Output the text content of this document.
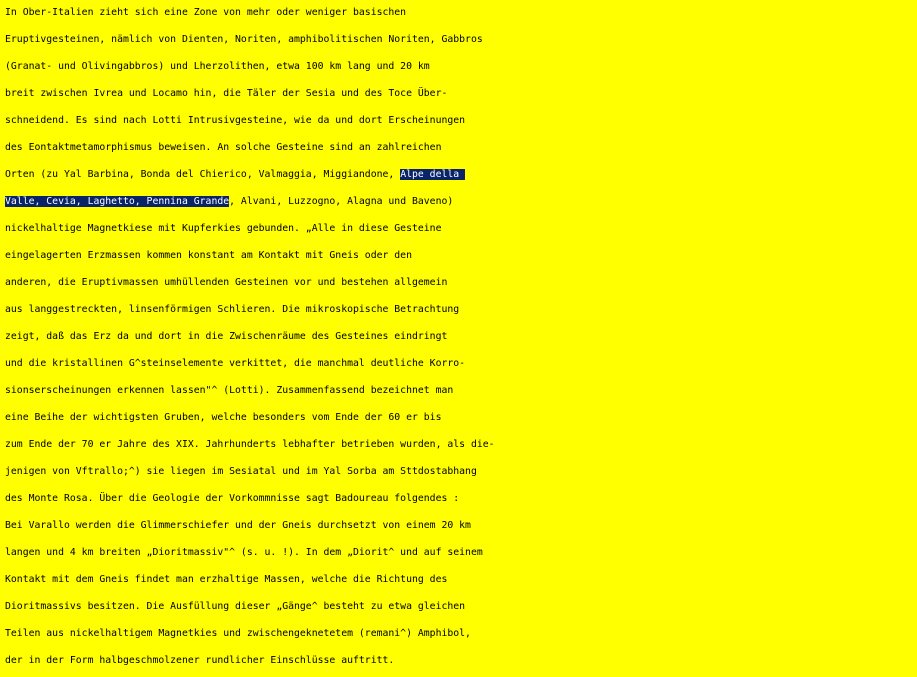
In Ober-Italien zieht sich eine Zone von mehr oder weniger basischen
Eruptivgesteinen, nämlich von Dienten, Noriten, amphibolitischen Noriten, Gabbros
(Granat- und Olivingabbros) und Lherzolithen, etwa 100 km lang und 20 km
breit zwischen Ivrea und Locamo hin, die Täler der Sesia und des Toce Über-
schneidend. Es sind nach Lotti Intrusivgesteine, wie da und dort Erscheinungen
des Eontaktmetamorphismus beweisen. An solche Gesteine sind an zahlreichen
Orten (zu Yal Barbina, Bonda del Chierico, Valmaggia, Miggiandone, Alpe della
Valle, Cevia, Laghetto, Pennina Grande, Alvani, Luzzogno, Alagna und Baveno)
nickelhaltige Magnetkiese mit Kupferkies gebunden. „Alle in diese Gesteine
eingelagerten Erzmassen kommen konstant am Kontakt mit Gneis oder den
anderen, die Eruptivmassen umhüllenden Gesteinen vor und bestehen allgemein
aus langgestreckten, linsenförmigen Schlieren. Die mikroskopische Betrachtung
zeigt, daß das Erz da und dort in die Zwischenräume des Gesteines eindringt
und die kristallinen G^steinselemente verkittet, die manchmal deutliche Korro-
sionserscheinungen erkennen lassen"^ (Lotti). Zusammenfassend bezeichnet man
eine Beihe der wichtigsten Gruben, welche besonders vom Ende der 60 er bis
zum Ende der 70 er Jahre des XIX. Jahrhunderts lebhafter betrieben wurden, als die-
jenigen von Vftrallo;^) sie liegen im Sesiatal und im Yal Sorba am Sttdostabhang
des Monte Rosa. Über die Geologie der Vorkommnisse sagt Badoureau folgendes :
Bei Varallo werden die Glimmerschiefer und der Gneis durchsetzt von einem 20 km
langen und 4 km breiten „Dioritmassiv"^ (s. u. !). In dem „Diorit^ und auf seinem
Kontakt mit dem Gneis findet man erzhaltige Massen, welche die Richtung des
Dioritmassivs besitzen. Die Ausfüllung dieser „Gänge^ besteht zu etwa gleichen
Teilen aus nickelhaltigem Magnetkies und zwischengeknetetem (remani^) Amphibol,
der in der Form halbgeschmolzener rundlicher Einschlüsse auftritt.
